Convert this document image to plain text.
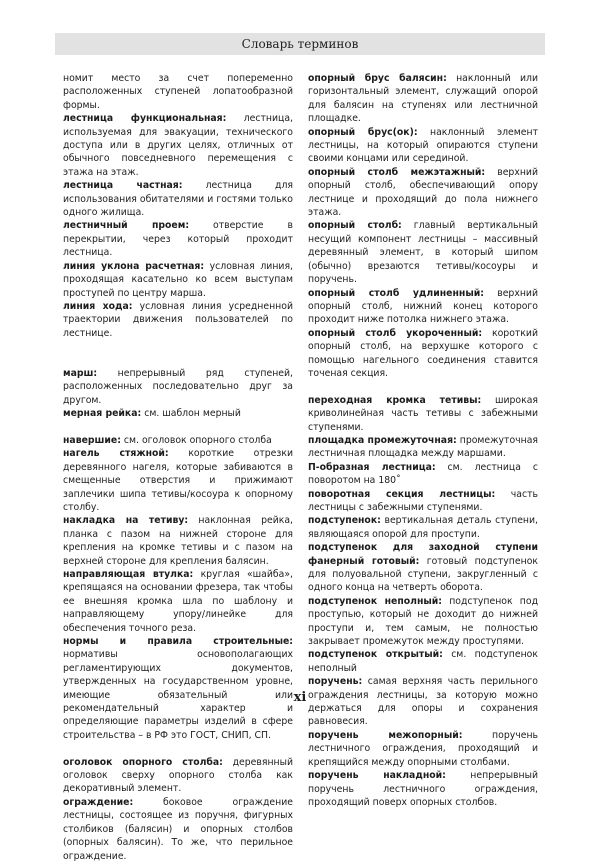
Словарь терминов

номит место за счет попеременно расположенных ступеней лопатообразной формы.

лестница функциональная: лестница, используемая для эвакуации, технического доступа или в других целях, отличных от обычного повседневного перемещения с этажа на этаж.

лестница частная: лестница для использования обитателями и гостями только одного жилища.

лестничный проем: отверстие в перекрытии, через который проходит лестница.

линия уклона расчетная: условная линия, проходящая касательно ко всем выступам проступей по центру марша.

линия хода: условная линия усредненной траектории движения пользователей по лестнице.

марш: непрерывный ряд ступеней, расположенных последовательно друг за другом.

мерная рейка: см. шаблон мерный

навершие: см. оголовок опорного столба

нагель стяжной: короткие отрезки деревянного нагеля, которые забиваются в смещенные отверстия и прижимают заплечики шипа тетивы/косоура к опорному столбу.

накладка на тетиву: наклонная рейка, планка с пазом на нижней стороне для крепления на кромке тетивы и с пазом на верхней стороне для крепления балясин.

направляющая втулка: круглая «шайба», крепящаяся на основании фрезера, так чтобы ее внешняя кромка шла по шаблону и направляющему упору/линейке для обеспечения точного реза.

нормы и правила строительные: нормативы основополагающих регламентирующих документов, утвержденных на государственном уровне, имеющие обязательный или рекомендательный характер и определяющие параметры изделий в сфере строительства – в РФ это ГОСТ, СНИП, СП.

оголовок опорного столба: деревянный оголовок сверху опорного столба как декоративный элемент.

ограждение: боковое ограждение лестницы, состоящее из поручня, фигурных столбиков (балясин) и опорных столбов (опорных балясин). То же, что перильное ограждение.

опорный брус балясин: наклонный или горизонтальный элемент, служащий опорой для балясин на ступенях или лестничной площадке.

опорный брус(ок): наклонный элемент лестницы, на который опираются ступени своими концами или серединой.

опорный столб межэтажный: верхний опорный столб, обеспечивающий опору лестнице и проходящий до пола нижнего этажа.

опорный столб: главный вертикальный несущий компонент лестницы – массивный деревянный элемент, в который шипом (обычно) врезаются тетивы/косоуры и поручень.

опорный столб удлиненный: верхний опорный столб, нижний конец которого проходит ниже потолка нижнего этажа.

опорный столб укороченный: короткий опорный столб, на верхушке которого с помощью нагельного соединения ставится точеная секция.

переходная кромка тетивы: широкая криволинейная часть тетивы с забежными ступенями.

площадка промежуточная: промежуточная лестничная площадка между маршами.

П-образная лестница: см. лестница с поворотом на 180˚

поворотная секция лестницы: часть лестницы с забежными ступенями.

подступенок: вертикальная деталь ступени, являющаяся опорой для проступи.

подступенок для заходной ступени фанерный готовый: готовый подступенок для полуовальной ступени, закругленный с одного конца на четверть оборота.

подступенок неполный: подступенок под проступью, который не доходит до нижней проступи и, тем самым, не полностью закрывает промежуток между проступями.

подступенок открытый: см. подступенок неполный

поручень: самая верхняя часть перильного ограждения лестницы, за которую можно держаться для опоры и сохранения равновесия.

поручень межопорный: поручень лестничного ограждения, проходящий и крепящийся между опорными столбами.

поручень накладной: непрерывный поручень лестничного ограждения, проходящий поверх опорных столбов.

xi
